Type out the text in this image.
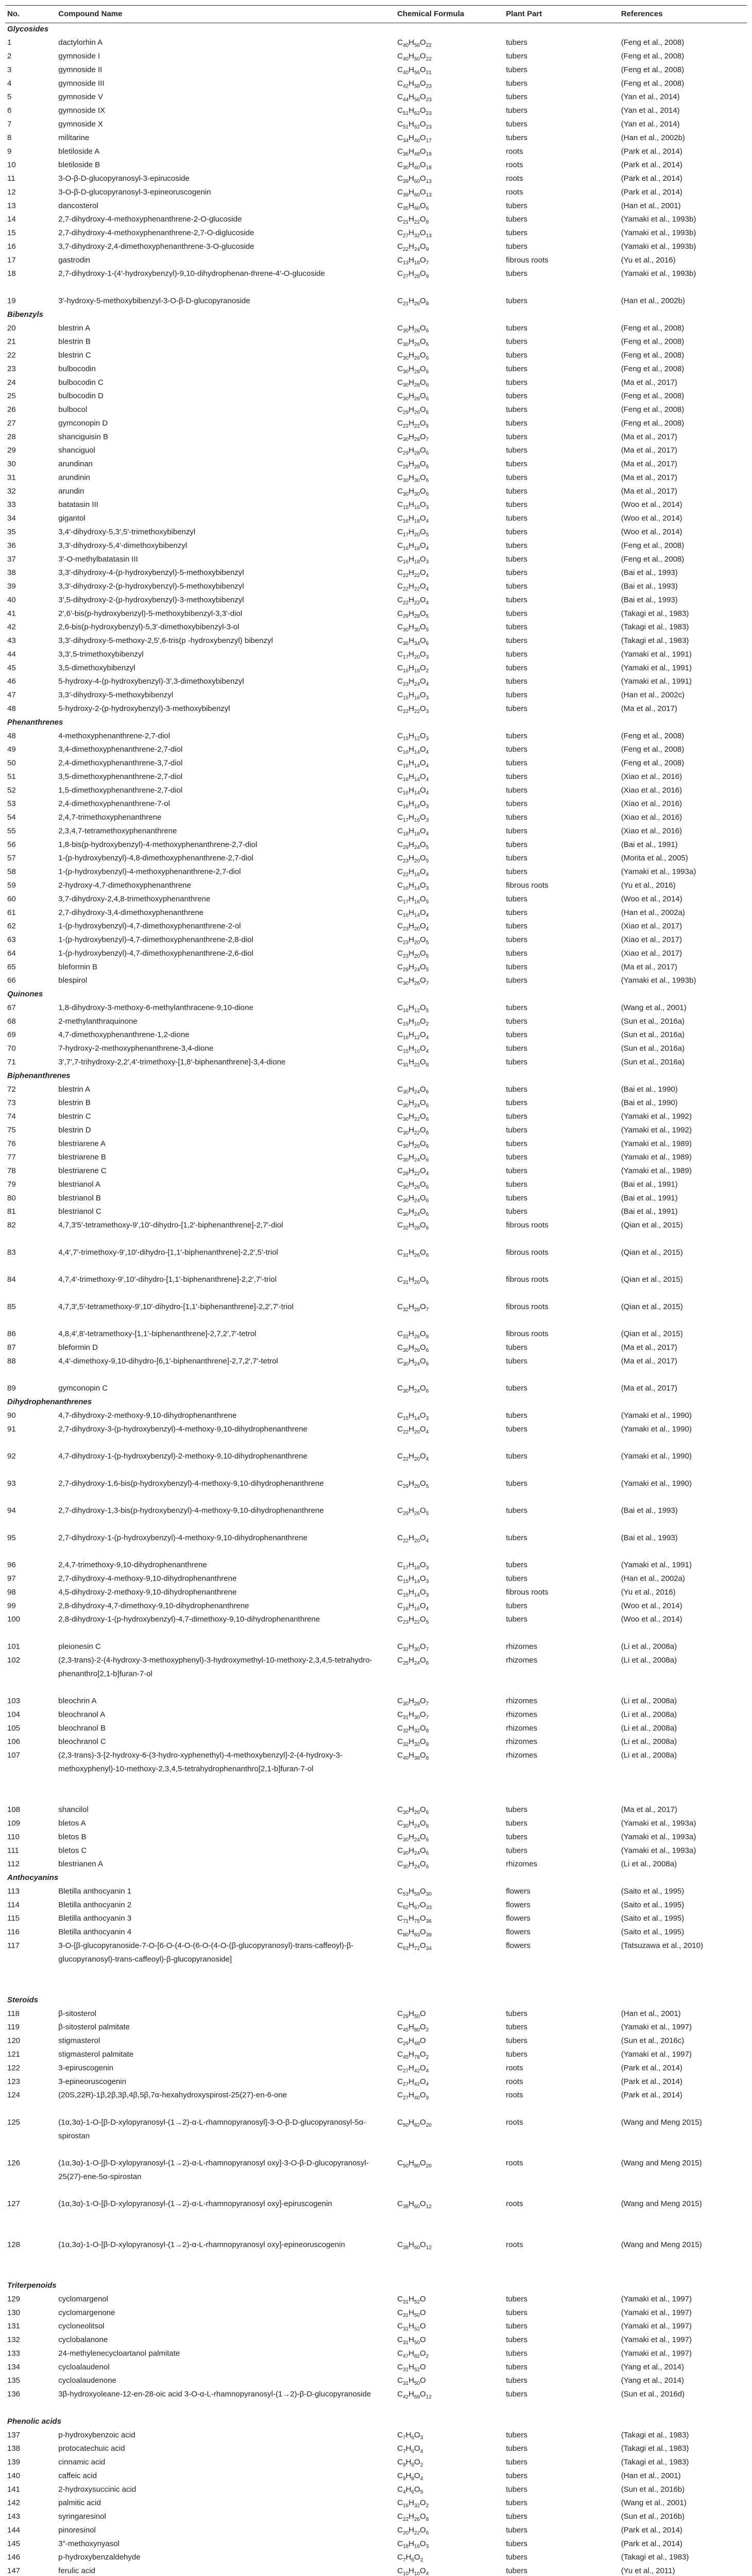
No.	Compound Name	Chemical Formula	Plant Part	References
Glycosides				
1	dactylorhin A	$C_{40}H_{56}O_{22}$	tubers	(Feng et al., 2008)
2	gymnoside I	$C_{40}H_{50}O_{22}$	tubers	(Feng et al., 2008)
3	gymnoside II	$C_{40}H_{56}O_{21}$	tubers	(Feng et al., 2008)
4	gymnoside III	$C_{42}H_{58}O_{23}$	tubers	(Feng et al., 2008)
5	gymnoside V	$C_{44}H_{56}O_{23}$	tubers	(Yan et al., 2014)
6	gymnoside IX	$C_{51}H_{62}O_{23}$	tubers	(Yan et al., 2014)
7	gymnoside X	$C_{51}H_{62}O_{23}$	tubers	(Yan et al., 2014)
8	militarine	$C_{34}H_{46}O_{17}$	tubers	(Han et al., 2002b)
9	bletiloside A	$C_{36}H_{48}O_{19}$	roots	(Park et al., 2014)
10	bletiloside B	$C_{30}H_{40}O_{18}$	roots	(Park et al., 2014)
11	3-O-β-D-glucopyranosyl-3-epirucoside	$C_{39}H_{60}O_{13}$	roots	(Park et al., 2014)
12	3-O-β-D-glucopyranosyl-3-epineoruscogenin	$C_{39}H_{60}O_{13}$	roots	(Park et al., 2014)
13	dancosterol	$C_{35}H_{60}O_6$	tubers	(Han et al., 2001)
14	2,7-dihydroxy-4-methoxyphenanthrene-2-O-glucoside	$C_{21}H_{22}O_8$	tubers	(Yamaki et al., 1993b)
15	2,7-dihydroxy-4-methoxyphenanthrene-2,7-O-diglucoside	$C_{27}H_{32}O_{13}$	tubers	(Yamaki et al., 1993b)
16	3,7-dihydroxy-2,4-dimethoxyphenanthrene-3-O-glucoside	$C_{22}H_{24}O_9$	tubers	(Yamaki et al., 1993b)
17	gastrodin	$C_{13}H_{18}O_7$	fibrous roots	(Yu et al., 2016)
18	2,7-dihydroxy-1-(4′-hydroxybenzyl)-9,10-dihydrophenan-threne-4′-O-glucoside	$C_{27}H_{28}O_9$	tubers	(Yamaki et al., 1993b)
19	3′-hydroxy-5-methoxybibenzyl-3-O-β-D-glucopyranoside	$C_{21}H_{26}O_8$	tubers	(Han et al., 2002b)
Bibenzyls				
20	blestrin A	$C_{30}H_{26}O_6$	tubers	(Feng et al., 2008)
21	blestrin B	$C_{30}H_{26}O_6$	tubers	(Feng et al., 2008)
22	blestrin C	$C_{30}H_{26}O_6$	tubers	(Feng et al., 2008)
23	bulbocodin	$C_{30}H_{28}O_6$	tubers	(Feng et al., 2008)
24	bulbocodin C	$C_{30}H_{28}O_6$	tubers	(Ma et al., 2017)
25	bulbocodin D	$C_{30}H_{28}O_6$	tubers	(Feng et al., 2008)
26	bulbocol	$C_{29}H_{26}O_6$	tubers	(Feng et al., 2008)
27	gymconopin D	$C_{22}H_{22}O_5$	tubers	(Feng et al., 2008)
28	shanciguisin B	$C_{30}H_{28}O_7$	tubers	(Ma et al., 2017)
29	shanciguol	$C_{29}H_{28}O_6$	tubers	(Ma et al., 2017)
30	arundinan	$C_{29}H_{28}O_6$	tubers	(Ma et al., 2017)
31	arundinin	$C_{30}H_{30}O_6$	tubers	(Ma et al., 2017)
32	arundin	$C_{30}H_{30}O_6$	tubers	(Ma et al., 2017)
33	batatasin III	$C_{15}H_{16}O_3$	tubers	(Woo et al., 2014)
34	gigantol	$C_{16}H_{18}O_4$	tubers	(Woo et al., 2014)
35	3,4′-dihydroxy-5,3′,5′-trimethoxybibenzyl	$C_{17}H_{20}O_5$	tubers	(Woo et al., 2014)
36	3,3′-dihydroxy-5,4′-dimethoxybibenzyl	$C_{16}H_{18}O_4$	tubers	(Feng et al., 2008)
37	3′-O-methylbatatasin III	$C_{16}H_{18}O_3$	tubers	(Feng et al., 2008)
38	3,3′-dihydroxy-4-(p-hydroxybenzyl)-5-methoxybibenzyl	$C_{22}H_{22}O_4$	tubers	(Bai et al., 1993)
39	3,3′-dihydroxy-2-(p-hydroxybenzyl)-5-methoxybibenzyl	$C_{22}H_{22}O_4$	tubers	(Bai et al., 1993)
40	3′,5-dihydroxy-2-(p-hydroxybenzyl)-3-methoxybibenzyl	$C_{22}H_{22}O_4$	tubers	(Bai et al., 1993)
41	2′,6′-bis(p-hydroxybenzyl)-5-methoxybibenzyl-3,3′-diol	$C_{29}H_{28}O_5$	tubers	(Takagi et al., 1983)
42	2,6-bis(p-hydroxybenzyl)-5,3′-dimethoxybibenzyl-3-ol	$C_{30}H_{30}O_5$	tubers	(Takagi et al., 1983)
43	3,3′-dihydroxy-5-methoxy-2,5′,6-tris(p -hydroxybenzyl) bibenzyl	$C_{36}H_{34}O_6$	tubers	(Takagi et al., 1983)
44	3,3′,5-trimethoxybibenzyl	$C_{17}H_{20}O_3$	tubers	(Yamaki et al., 1991)
45	3,5-dimethoxybibenzyl	$C_{16}H_{18}O_2$	tubers	(Yamaki et al., 1991)
46	5-hydroxy-4-(p-hydroxybenzyl)-3′,3-dimethoxybibenzyl	$C_{23}H_{24}O_4$	tubers	(Yamaki et al., 1991)
47	3,3′-dihydroxy-5-methoxybibenzyl	$C_{15}H_{16}O_3$	tubers	(Han et al., 2002c)
48	5-hydroxy-2-(p-hydroxybenzyl)-3-methoxybibenzyl	$C_{22}H_{22}O_3$	tubers	(Ma et al., 2017)
Phenanthrenes				
48	4-methoxyphenanthrene-2,7-diol	$C_{15}H_{12}O_3$	tubers	(Feng et al., 2008)
49	3,4-dimethoxyphenanthrene-2,7-diol	$C_{16}H_{14}O_4$	tubers	(Feng et al., 2008)
50	2,4-dimethoxyphenanthrene-3,7-diol	$C_{16}H_{14}O_4$	tubers	(Feng et al., 2008)
51	3,5-dimethoxyphenanthrene-2,7-diol	$C_{16}H_{14}O_4$	tubers	(Xiao et al., 2016)
52	1,5-dimethoxyphenanthrene-2,7-diol	$C_{16}H_{14}O_4$	tubers	(Xiao et al., 2016)
53	2,4-dimethoxyphenanthrene-7-ol	$C_{16}H_{14}O_3$	tubers	(Xiao et al., 2016)
54	2,4,7-trimethoxyphenanthrene	$C_{17}H_{16}O_3$	tubers	(Xiao et al., 2016)
55	2,3,4,7-tetramethoxyphenanthrene	$C_{18}H_{18}O_4$	tubers	(Xiao et al., 2016)
56	1,8-bis(p-hydroxybenzyl)-4-methoxyphenanthrene-2,7-diol	$C_{29}H_{24}O_5$	tubers	(Bai et al., 1991)
57	1-(p-hydroxybenzyl)-4,8-dimethoxyphenanthrene-2,7-diol	$C_{23}H_{20}O_5$	tubers	(Morita et al., 2005)
58	1-(p-hydroxybenzyl)-4-methoxyphenanthrene-2,7-diol	$C_{22}H_{18}O_4$	tubers	(Yamaki et al., 1993a)
59	2-hydroxy-4,7-dimethoxyphenanthrene	$C_{16}H_{14}O_3$	fibrous roots	(Yu et al., 2016)
60	3,7-dihydroxy-2,4,8-trimethoxyphenanthrene	$C_{17}H_{16}O_5$	tubers	(Woo et al., 2014)
61	2,7-dihydroxy-3,4-dimethoxyphenanthrene	$C_{16}H_{14}O_4$	tubers	(Han et al., 2002a)
62	1-(p-hydroxybenzyl)-4,7-dimethoxyphenanthrene-2-ol	$C_{23}H_{20}O_4$	tubers	(Xiao et al., 2017)
63	1-(p-hydroxybenzyl)-4,7-dimethoxyphenanthrene-2,8-diol	$C_{23}H_{20}O_5$	tubers	(Xiao et al., 2017)
64	1-(p-hydroxybenzyl)-4,7-dimethoxyphenanthrene-2,6-diol	$C_{23}H_{20}O_5$	tubers	(Xiao et al., 2017)
65	bleformin B	$C_{29}H_{24}O_5$	tubers	(Ma et al., 2017)
66	blespirol	$C_{30}H_{26}O_7$	tubers	(Yamaki et al., 1993b)
Quinones				
67	1,8-dihydroxy-3-methoxy-6-methylanthracene-9,10-dione	$C_{16}H_{12}O_5$	tubers	(Wang et al., 2001)
68	2-methylanthraquinone	$C_{15}H_{10}O_2$	tubers	(Sun et al., 2016a)
69	4,7-dimethoxyphenanthrene-1,2-dione	$C_{16}H_{12}O_4$	tubers	(Sun et al., 2016a)
70	7-hydroxy-2-methoxyphenanthrene-3,4-dione	$C_{15}H_{10}O_4$	tubers	(Sun et al., 2016a)
71	3′,7′,7-trihydroxy-2,2′,4′-trimethoxy-[1,8′-biphenanthrene]-3,4-dione	$C_{31}H_{22}O_8$	tubers	(Sun et al., 2016a)
Biphenanthrenes				
72	blestrin A	$C_{30}H_{24}O_6$	tubers	(Bai et al., 1990)
73	blestrin B	$C_{30}H_{24}O_6$	tubers	(Bai et al., 1990)
74	blestrin C	$C_{30}H_{22}O_6$	tubers	(Yamaki et al., 1992)
75	blestrin D	$C_{30}H_{22}O_6$	tubers	(Yamaki et al., 1992)
76	blestriarene A	$C_{30}H_{26}O_6$	tubers	(Yamaki et al., 1989)
77	blestriarene B	$C_{30}H_{24}O_6$	tubers	(Yamaki et al., 1989)
78	blestriarene C	$C_{28}H_{22}O_4$	tubers	(Yamaki et al., 1989)
79	blestrianol A	$C_{30}H_{26}O_6$	tubers	(Bai et al., 1991)
80	blestrianol B	$C_{30}H_{24}O_6$	tubers	(Bai et al., 1991)
81	blestrianol C	$C_{30}H_{24}O_6$	tubers	(Bai et al., 1991)
82	4,7,3′5′-tetramethoxy-9′,10′-dihydro-[1,2′-biphenanthrene]-2,7′-diol	$C_{32}H_{28}O_6$	fibrous roots	(Qian et al., 2015)
83	4,4′,7′-trimethoxy-9′,10′-dihydro-[1,1′-biphenanthrene]-2,2′,5′-triol	$C_{31}H_{26}O_6$	fibrous roots	(Qian et al., 2015)
84	4,7,4′-trimethoxy-9′,10′-dihydro-[1,1′-biphenanthrene]-2,2′,7′-triol	$C_{31}H_{26}O_6$	fibrous roots	(Qian et al., 2015)
85	4,7,3′,5′-tetramethoxy-9′,10′-dihydro-[1,1′-biphenanthrene]-2,2′,7′-triol	$C_{32}H_{28}O_7$	fibrous roots	(Qian et al., 2015)
86	4,8,4′,8′-tetramethoxy-[1,1′-biphenanthrene]-2,7,2′,7′-tetrol	$C_{32}H_{26}O_8$	fibrous roots	(Qian et al., 2015)
87	bleformin D	$C_{30}H_{26}O_6$	tubers	(Ma et al., 2017)
88	4,4′-dimethoxy-9,10-dihydro-[6,1′-biphenanthrene]-2,7,2′,7′-tetrol	$C_{30}H_{24}O_6$	tubers	(Ma et al., 2017)
89	gymconopin C	$C_{30}H_{24}O_6$	tubers	(Ma et al., 2017)
Dihydrophenanthrenes				
90	4,7-dihydroxy-2-methoxy-9,10-dihydrophenanthrene	$C_{15}H_{14}O_3$	tubers	(Yamaki et al., 1990)
91	2,7-dihydroxy-3-(p-hydroxybenzyl)-4-methoxy-9,10-dihydrophenanthrene	$C_{22}H_{20}O_4$	tubers	(Yamaki et al., 1990)
92	4,7-dihydroxy-1-(p-hydroxybenzyl)-2-methoxy-9,10-dihydrophenanthrene	$C_{22}H_{20}O_4$	tubers	(Yamaki et al., 1990)
93	2,7-dihydroxy-1,6-bis(p-hydroxybenzyl)-4-methoxy-9,10-dihydrophenanthrene	$C_{29}H_{26}O_5$	tubers	(Yamaki et al., 1990)
94	2,7-dihydroxy-1,3-bis(p-hydroxybenzyl)-4-methoxy-9,10-dihydrophenanthrene	$C_{29}H_{26}O_5$	tubers	(Bai et al., 1993)
95	2,7-dihydroxy-1-(p-hydroxybenzyl)-4-methoxy-9,10-dihydrophenanthrene	$C_{22}H_{20}O_4$	tubers	(Bai et al., 1993)
96	2,4,7-trimethoxy-9,10-dihydrophenanthrene	$C_{17}H_{18}O_3$	tubers	(Yamaki et al., 1991)
97	2,7-dihydroxy-4-methoxy-9,10-dihydrophenanthrene	$C_{15}H_{14}O_3$	tubers	(Han et al., 2002a)
98	4,5-dihydroxy-2-methoxy-9,10-dihydrophenanthrene	$C_{15}H_{14}O_3$	fibrous roots	(Yu et al., 2016)
99	2,8-dihydroxy-4,7-dimethoxy-9,10-dihydrophenanthrene	$C_{16}H_{16}O_4$	tubers	(Woo et al., 2014)
100	2,8-dihydroxy-1-(p-hydroxybenzyl)-4,7-dimethoxy-9,10-dihydrophenanthrene	$C_{23}H_{22}O_5$	tubers	(Woo et al., 2014)
101	pleionesin C	$C_{32}H_{30}O_7$	rhizomes	(Li et al., 2008a)
102	(2,3-trans)-2-(4-hydroxy-3-methoxyphenyl)-3-hydroxymethyl-10-methoxy-2,3,4,5-tetrahydro-phenanthro[2,1-b]furan-7-ol	$C_{25}H_{24}O_6$	rhizomes	(Li et al., 2008a)
103	bleochrin A	$C_{30}H_{28}O_7$	rhizomes	(Li et al., 2008a)
104	bleochranol A	$C_{31}H_{30}O_7$	rhizomes	(Li et al., 2008a)
105	bleochranol B	$C_{32}H_{32}O_8$	rhizomes	(Li et al., 2008a)
106	bleochranol C	$C_{32}H_{32}O_8$	rhizomes	(Li et al., 2008a)
107	(2,3-trans)-3-[2-hydroxy-6-(3-hydro-xyphenethyl)-4-methoxybenzyl]-2-(4-hydroxy-3-methoxyphenyl)-10-methoxy-2,3,4,5-tetrahydrophenanthro[2,1-b]furan-7-ol	$C_{40}H_{38}O_8$	rhizomes	(Li et al., 2008a)
108	shancilol	$C_{30}H_{26}O_6$	tubers	(Ma et al., 2017)
109	bletos A	$C_{30}H_{24}O_6$	tubers	(Yamaki et al., 1993a)
110	bletos B	$C_{30}H_{24}O_6$	tubers	(Yamaki et al., 1993a)
111	bletos C	$C_{30}H_{24}O_6$	tubers	(Yamaki et al., 1993a)
112	blestrianen A	$C_{30}H_{24}O_6$	rhizomes	(Li et al., 2008a)
Anthocyanins				
113	Bletilla anthocyanin 1	$C_{53}H_{59}O_{30}$	flowers	(Saito et al., 1995)
114	Bletilla anthocyanin 2	$C_{62}H_{67}O_{33}$	flowers	(Saito et al., 1995)
115	Bletilla anthocyanin 3	$C_{71}H_{75}O_{36}$	flowers	(Saito et al., 1995)
116	Bletilla anthocyanin 4	$C_{80}H_{83}O_{39}$	flowers	(Saito et al., 1995)
117	3-O-[β-glucopyranoside-7-O-[6-O-(4-O-(6-O-(4-O-(β-glucopyranosyl)-trans-caffeoyl)-β-glucopyranosyl)-trans-caffeoyl)-β-glucopyranoside]	$C_{63}H_{72}O_{34}$	flowers	(Tatsuzawa et al., 2010)
Steroids				
118	β-sitosterol	$C_{29}H_{50}O$	tubers	(Han et al., 2001)
119	β-sitosterol palmitate	$C_{45}H_{80}O_2$	tubers	(Yamaki et al., 1997)
120	stigmasterol	$C_{29}H_{48}O$	tubers	(Sun et al., 2016c)
121	stigmasterol palmitate	$C_{45}H_{78}O_2$	tubers	(Yamaki et al., 1997)
122	3-epiruscogenin	$C_{27}H_{42}O_4$	roots	(Park et al., 2014)
123	3-epineoruscogenin	$C_{27}H_{42}O_4$	roots	(Park et al., 2014)
124	(20S,22R)-1β,2β,3β,4β,5β,7α-hexahydroxyspirost-25(27)-en-6-one	$C_{27}H_{40}O_9$	roots	(Park et al., 2014)
125	(1α,3α)-1-O-[β-D-xylopyranosyl-(1→2)-α-L-rhamnopyranosyl]-3-O-β-D-glucopyranosyl-5α-spirostan	$C_{50}H_{82}O_{20}$	roots	(Wang and Meng 2015)
126	(1α,3α)-1-O-[β-D-xylopyranosyl-(1→2)-α-L-rhamnopyranosyl oxy]-3-O-β-D-glucopyranosyl-25(27)-ene-5α-spirostan	$C_{50}H_{80}O_{20}$	roots	(Wang and Meng 2015)
127	(1α,3α)-1-O-[β-D-xylopyranosyl-(1→2)-α-L-rhamnopyranosyl oxy]-epiruscogenin	$C_{38}H_{60}O_{12}$	roots	(Wang and Meng 2015)
128	(1α,3α)-1-O-[β-D-xylopyranosyl-(1→2)-α-L-rhamnopyranosyl oxy]-epineoruscogenin	$C_{38}H_{60}O_{12}$	roots	(Wang and Meng 2015)
Triterpenoids				
129	cyclomargenol	$C_{31}H_{52}O$	tubers	(Yamaki et al., 1997)
130	cyclomargenone	$C_{31}H_{50}O$	tubers	(Yamaki et al., 1997)
131	cycloneolitsol	$C_{31}H_{52}O$	tubers	(Yamaki et al., 1997)
132	cyclobalanone	$C_{31}H_{50}O$	tubers	(Yamaki et al., 1997)
133	24-methylenecycloartanol palmitate	$C_{47}H_{82}O_2$	tubers	(Yamaki et al., 1997)
134	cycloalaudenol	$C_{31}H_{52}O$	tubers	(Yang et al., 2014)
135	cycloalaudenone	$C_{31}H_{50}O$	tubers	(Yang et al., 2014)
136	3β-hydroxyoleane-12-en-28-oic acid 3-O-α-L-rhamnopyranosyl-(1→2)-β-D-glucopyranoside	$C_{42}H_{68}O_{12}$	tubers	(Sun et al., 2016d)
Phenolic acids				
137	p-hydroxybenzoic acid	$C_7H_6O_3$	tubers	(Takagi et al., 1983)
138	protocatechuic acid	$C_7H_6O_4$	tubers	(Takagi et al., 1983)
139	cinnamic acid	$C_9H_8O_2$	tubers	(Takagi et al., 1983)
140	caffeic acid	$C_9H_8O_4$	tubers	(Han et al., 2001)
141	2-hydroxysuccinic acid	$C_4H_6O_5$	tubers	(Sun et al., 2016b)
142	palmitic acid	$C_{16}H_{32}O_2$	tubers	(Wang et al., 2001)
143	syringaresinol	$C_{22}H_{26}O_8$	tubers	(Sun et al., 2016b)
144	pinoresinol	$C_{20}H_{22}O_6$	tubers	(Park et al., 2014)
145	3″-methoxynyasol	$C_{18}H_{16}O_3$	tubers	(Park et al., 2014)
146	p-hydroxybenzaldehyde	$C_7H_6O_2$	tubers	(Takagi et al., 1983)
147	ferulic acid	$C_{10}H_{10}O_4$	tubers	(Yu et al., 2011)
